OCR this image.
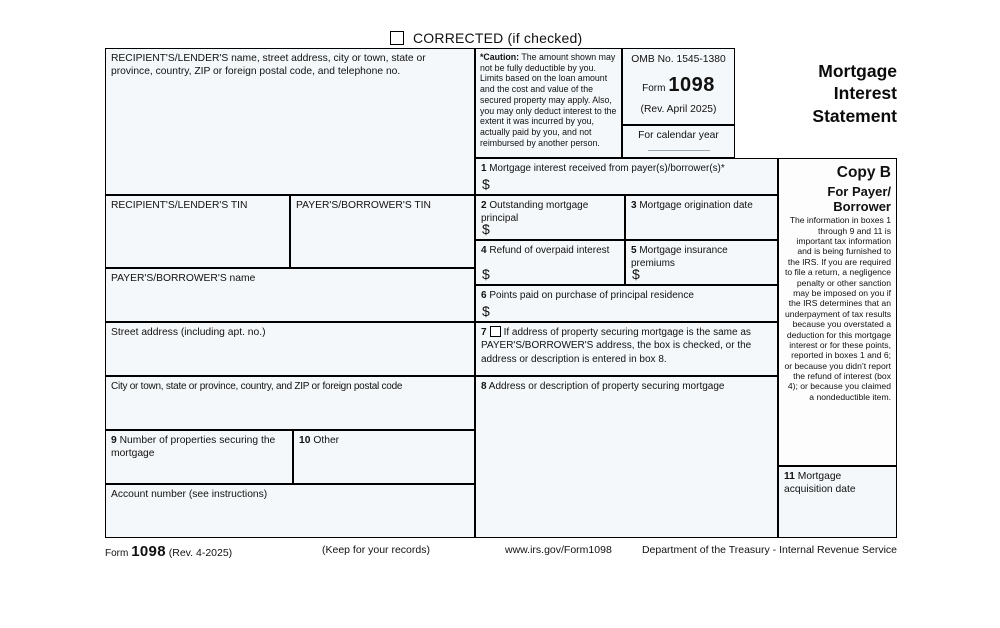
CORRECTED (if checked)
RECIPIENT'S/LENDER'S name, street address, city or town, state or province, country, ZIP or foreign postal code, and telephone no.
*Caution: The amount shown may not be fully deductible by you. Limits based on the loan amount and the cost and value of the secured property may apply. Also, you may only deduct interest to the extent it was incurred by you, actually paid by you, and not reimbursed by another person.
OMB No. 1545-1380
Form 1098
(Rev. April 2025)
For calendar year
Mortgage Interest Statement
1 Mortgage interest received from payer(s)/borrower(s)*
$
2 Outstanding mortgage principal
$
3 Mortgage origination date
4 Refund of overpaid interest
$
5 Mortgage insurance premiums
$
6 Points paid on purchase of principal residence
$
7 If address of property securing mortgage is the same as PAYER'S/BORROWER'S address, the box is checked, or the address or description is entered in box 8.
8 Address or description of property securing mortgage
RECIPIENT'S/LENDER'S TIN	PAYER'S/BORROWER'S TIN
PAYER'S/BORROWER'S name
Street address (including apt. no.)
City or town, state or province, country, and ZIP or foreign postal code
9 Number of properties securing the mortgage
10 Other
Account number (see instructions)
Copy B
For Payer/
Borrower
The information in boxes 1 through 9 and 11 is important tax information and is being furnished to the IRS. If you are required to file a return, a negligence penalty or other sanction may be imposed on you if the IRS determines that an underpayment of tax results because you overstated a deduction for this mortgage interest or for these points, reported in boxes 1 and 6; or because you didn’t report the refund of interest (box 4); or because you claimed a nondeductible item.
11 Mortgage acquisition date
Form 1098 (Rev. 4-2025)	(Keep for your records)	www.irs.gov/Form1098	Department of the Treasury - Internal Revenue Service
